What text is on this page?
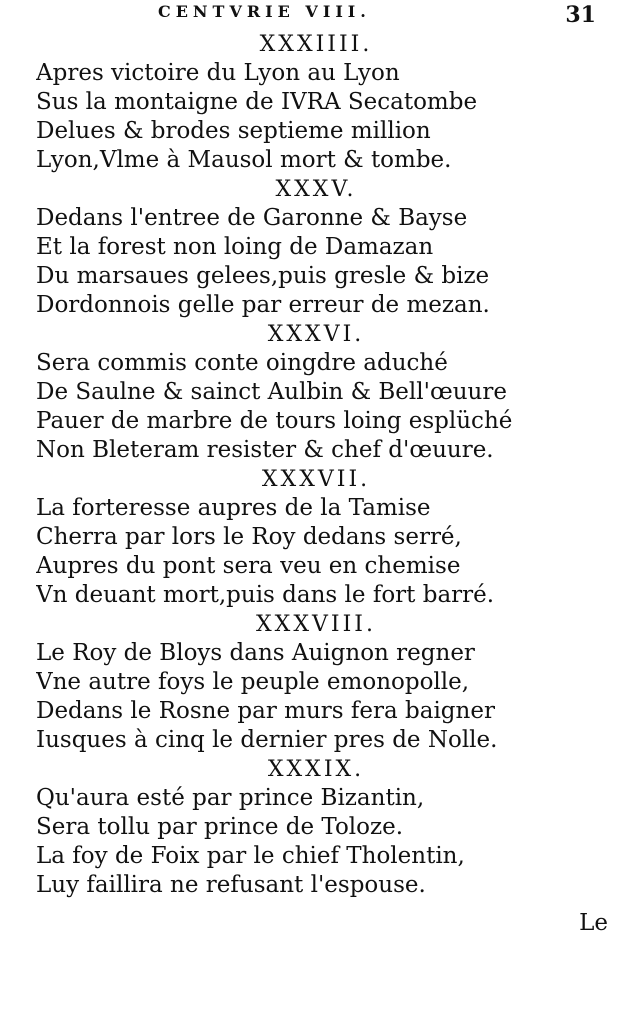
CENTVRIE VIII.	31
XXXIIII.
Apres victoire du Lyon au Lyon
Sus la montaigne de IVRA Secatombe
Delues & brodes septieme million
Lyon,Vlme à Mausol mort & tombe.
XXXV.
Dedans l'entree de Garonne & Bayse
Et la forest non loing de Damazan
Du marsaues gelees,puis gresle & bize
Dordonnois gelle par erreur de mezan.
XXXVI.
Sera commis conte oingdre aduché
De Saulne & sainct Aulbin & Bell'œuure
Pauer de marbre de tours loing esplüché
Non Bleteram resister & chef d'œuure.
XXXVII.
La forteresse aupres de la Tamise
Cherra par lors le Roy dedans serré,
Aupres du pont sera veu en chemise
Vn deuant mort,puis dans le fort barré.
XXXVIII.
Le Roy de Bloys dans Auignon regner
Vne autre foys le peuple emonopolle,
Dedans le Rosne par murs fera baigner
Iusques à cinq le dernier pres de Nolle.
XXXIX.
Qu'aura esté par prince Bizantin,
Sera tollu par prince de Toloze.
La foy de Foix par le chief Tholentin,
Luy faillira ne refusant l'espouse.
Le
